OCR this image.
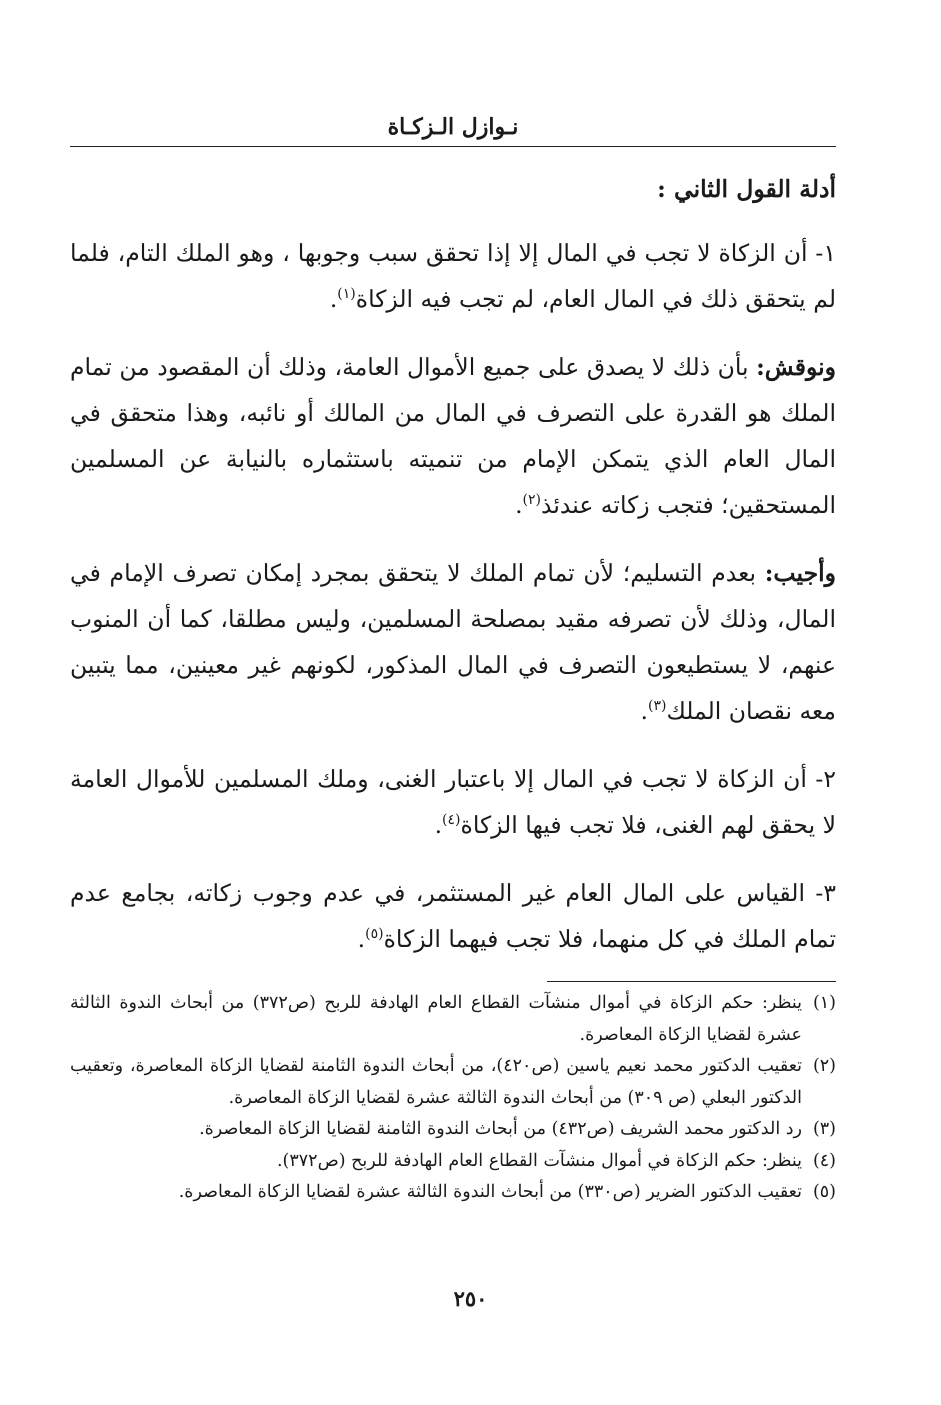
نـوازل الـزكـاة
أدلة القول الثاني :

١- أن الزكاة لا تجب في المال إلا إذا تحقق سبب وجوبها ، وهو الملك التام، فلما لم يتحقق ذلك في المال العام، لم تجب فيه الزكاة$^{(١)}$.

ونوقش: بأن ذلك لا يصدق على جميع الأموال العامة، وذلك أن المقصود من تمام الملك هو القدرة على التصرف في المال من المالك أو نائبه، وهذا متحقق في المال العام الذي يتمكن الإمام من تنميته باستثماره بالنيابة عن المسلمين المستحقين؛ فتجب زكاته عندئذ$^{(٢)}$.

وأجيب: بعدم التسليم؛ لأن تمام الملك لا يتحقق بمجرد إمكان تصرف الإمام في المال، وذلك لأن تصرفه مقيد بمصلحة المسلمين، وليس مطلقا، كما أن المنوب عنهم، لا يستطيعون التصرف في المال المذكور، لكونهم غير معينين، مما يتبين معه نقصان الملك$^{(٣)}$.

٢- أن الزكاة لا تجب في المال إلا باعتبار الغنى، وملك المسلمين للأموال العامة لا يحقق لهم الغنى، فلا تجب فيها الزكاة$^{(٤)}$.

٣- القياس على المال العام غير المستثمر، في عدم وجوب زكاته، بجامع عدم تمام الملك في كل منهما، فلا تجب فيهما الزكاة$^{(٥)}$.

(١)
ينظر: حكم الزكاة في أموال منشآت القطاع العام الهادفة للربح (ص٣٧٢) من أبحاث الندوة الثالثة عشرة لقضايا الزكاة المعاصرة.
(٢)
تعقيب الدكتور محمد نعيم ياسين (ص٤٢٠)، من أبحاث الندوة الثامنة لقضايا الزكاة المعاصرة، وتعقيب الدكتور البعلي (ص ٣٠٩) من أبحاث الندوة الثالثة عشرة لقضايا الزكاة المعاصرة.
(٣)
رد الدكتور محمد الشريف (ص٤٣٢) من أبحاث الندوة الثامنة لقضايا الزكاة المعاصرة.
(٤)
ينظر: حكم الزكاة في أموال منشآت القطاع العام الهادفة للربح (ص٣٧٢).
(٥)
تعقيب الدكتور الضرير (ص٣٣٠) من أبحاث الندوة الثالثة عشرة لقضايا الزكاة المعاصرة.
٢٥٠
